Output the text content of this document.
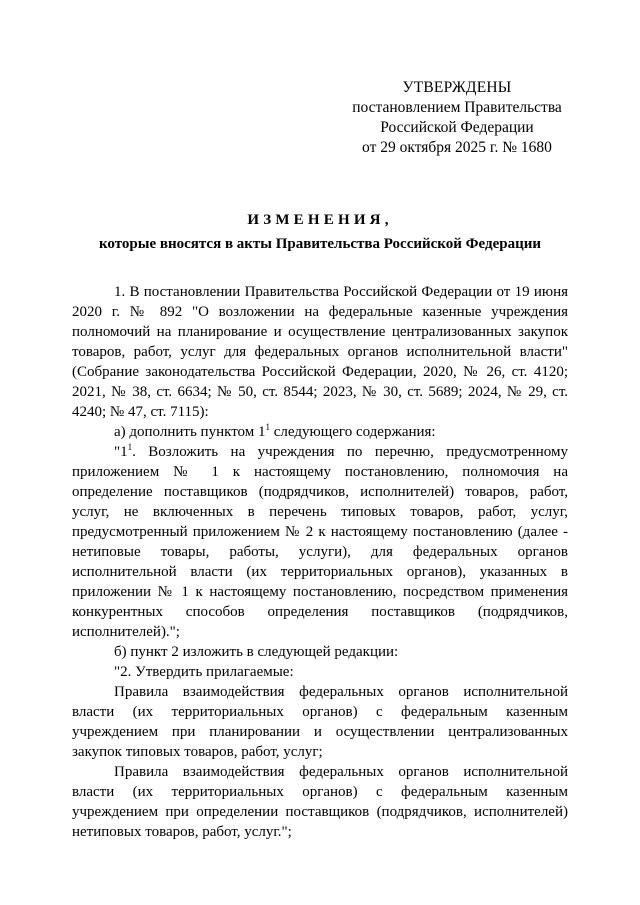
УТВЕРЖДЕНЫ
постановлением Правительства
Российской Федерации
от 29 октября 2025 г. № 1680
ИЗМЕНЕНИЯ,
которые вносятся в акты Правительства Российской Федерации

1. В постановлении Правительства Российской Федерации от 19 июня 2020 г. № 892 "О возложении на федеральные казенные учреждения полномочий на планирование и осуществление централизованных закупок товаров, работ, услуг для федеральных органов исполнительной власти" (Собрание законодательства Российской Федерации, 2020, № 26, ст. 4120; 2021, № 38, ст. 6634; № 50, ст. 8544; 2023, № 30, ст. 5689; 2024, № 29, ст. 4240; № 47, ст. 7115):

а) дополнить пунктом $1^1$ следующего содержания:

"$1^1$. Возложить на учреждения по перечню, предусмотренному приложением № 1 к настоящему постановлению, полномочия на определение поставщиков (подрядчиков, исполнителей) товаров, работ, услуг, не включенных в перечень типовых товаров, работ, услуг, предусмотренный приложением № 2 к настоящему постановлению (далее - нетиповые товары, работы, услуги), для федеральных органов исполнительной власти (их территориальных органов), указанных в приложении № 1 к настоящему постановлению, посредством применения конкурентных способов определения поставщиков (подрядчиков, исполнителей).";

б) пункт 2 изложить в следующей редакции:

"2. Утвердить прилагаемые:

Правила взаимодействия федеральных органов исполнительной власти (их территориальных органов) с федеральным казенным учреждением при планировании и осуществлении централизованных закупок типовых товаров, работ, услуг;

Правила взаимодействия федеральных органов исполнительной власти (их территориальных органов) с федеральным казенным учреждением при определении поставщиков (подрядчиков, исполнителей) нетиповых товаров, работ, услуг.";
